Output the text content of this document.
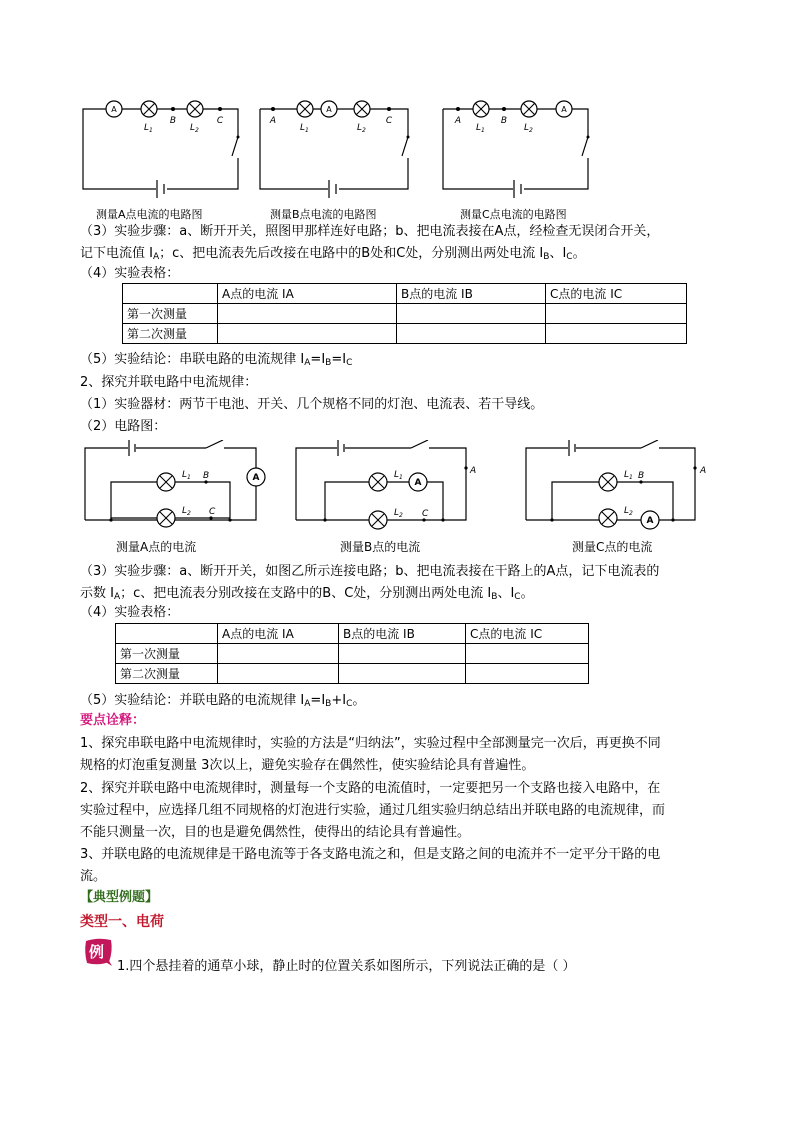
A	A	A
B	C	A	C	A	B
$L_1$	$L_2$	$L_1$	$L_2$	$L_1$	$L_2$
测量A点电流的电路图	测量B点电流的电路图	测量C点电流的电路图
（3）实验步骤：a、断开开关，照图甲那样连好电路；b、把电流表接在A点，经检查无误闭合开关，
记下电流值 $I_A$；c、把电流表先后改接在电路中的B处和C处，分别测出两处电流 $I_B$、$I_C$。
（4）实验表格：
	A点的电流 IA	B点的电流 IB	C点的电流 IC
第一次测量			
第二次测量			
（5）实验结论：串联电路的电流规律 $I_A=I_B=I_C$
2、探究并联电路中电流规律：
（1）实验器材：两节干电池、开关、几个规格不同的灯泡、电流表、若干导线。
（2）电路图：
A	A
A
$L_1$
$L_2$
B
C
$L_1$
$L_2$
A
C
$L_1$
$L_2$
B	A
测量A点的电流	测量B点的电流	测量C点的电流
（3）实验步骤：a、断开开关，如图乙所示连接电路；b、把电流表接在干路上的A点，记下电流表的
示数 $I_A$；c、把电流表分别改接在支路中的B、C处，分别测出两处电流 $I_B$、$I_C$。
（4）实验表格：
	A点的电流 IA	B点的电流 IB	C点的电流 IC
第一次测量			
第二次测量			
（5）实验结论：并联电路的电流规律 $I_A=I_B+I_C$。
要点诠释：
1、探究串联电路中电流规律时，实验的方法是“归纳法”，实验过程中全部测量完一次后，再更换不同
规格的灯泡重复测量 3次以上，避免实验存在偶然性，使实验结论具有普遍性。
2、探究并联电路中电流规律时，测量每一个支路的电流值时，一定要把另一个支路也接入电路中，在
实验过程中，应选择几组不同规格的灯泡进行实验，通过几组实验归纳总结出并联电路的电流规律，而
不能只测量一次，目的也是避免偶然性，使得出的结论具有普遍性。
3、并联电路的电流规律是干路电流等于各支路电流之和，但是支路之间的电流并不一定平分干路的电
流。
【典型例题】
类型一、电荷
例
1.四个悬挂着的通草小球，静止时的位置关系如图所示，下列说法正确的是（ ）
